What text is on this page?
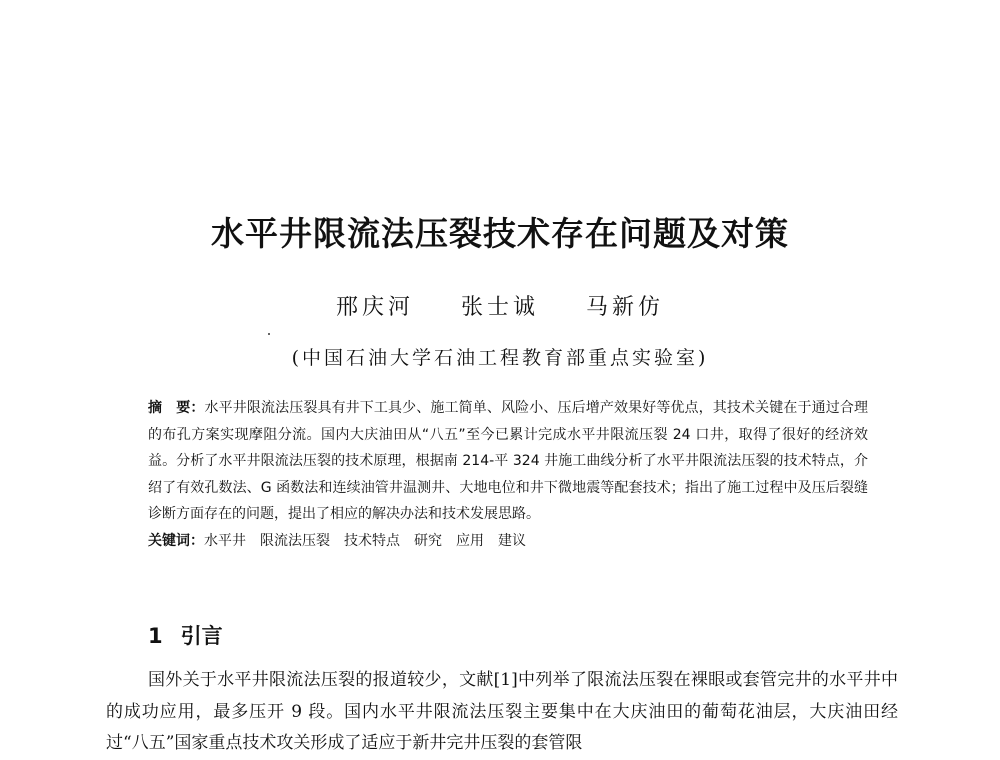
水平井限流法压裂技术存在问题及对策
邢庆河 张士诚 马新仿
(中国石油大学石油工程教育部重点实验室)

摘　要：水平井限流法压裂具有井下工具少、施工简单、风险小、压后增产效果好等优点，其技术关键在于通过合理的布孔方案实现摩阻分流。国内大庆油田从“八五”至今已累计完成水平井限流压裂 24 口井，取得了很好的经济效益。分析了水平井限流法压裂的技术原理，根据南 214-平 324 井施工曲线分析了水平井限流法压裂的技术特点，介绍了有效孔数法、G 函数法和连续油管井温测井、大地电位和井下微地震等配套技术；指出了施工过程中及压后裂缝诊断方面存在的问题，提出了相应的解决办法和技术发展思路。

关键词：水平井 限流法压裂 技术特点 研究 应用 建议

1 引言

国外关于水平井限流法压裂的报道较少，文献[1]中列举了限流法压裂在裸眼或套管完井的水平井中的成功应用，最多压开 9 段。国内水平井限流法压裂主要集中在大庆油田的葡萄花油层，大庆油田经过“八五”国家重点技术攻关形成了适应于新井完井压裂的套管限
